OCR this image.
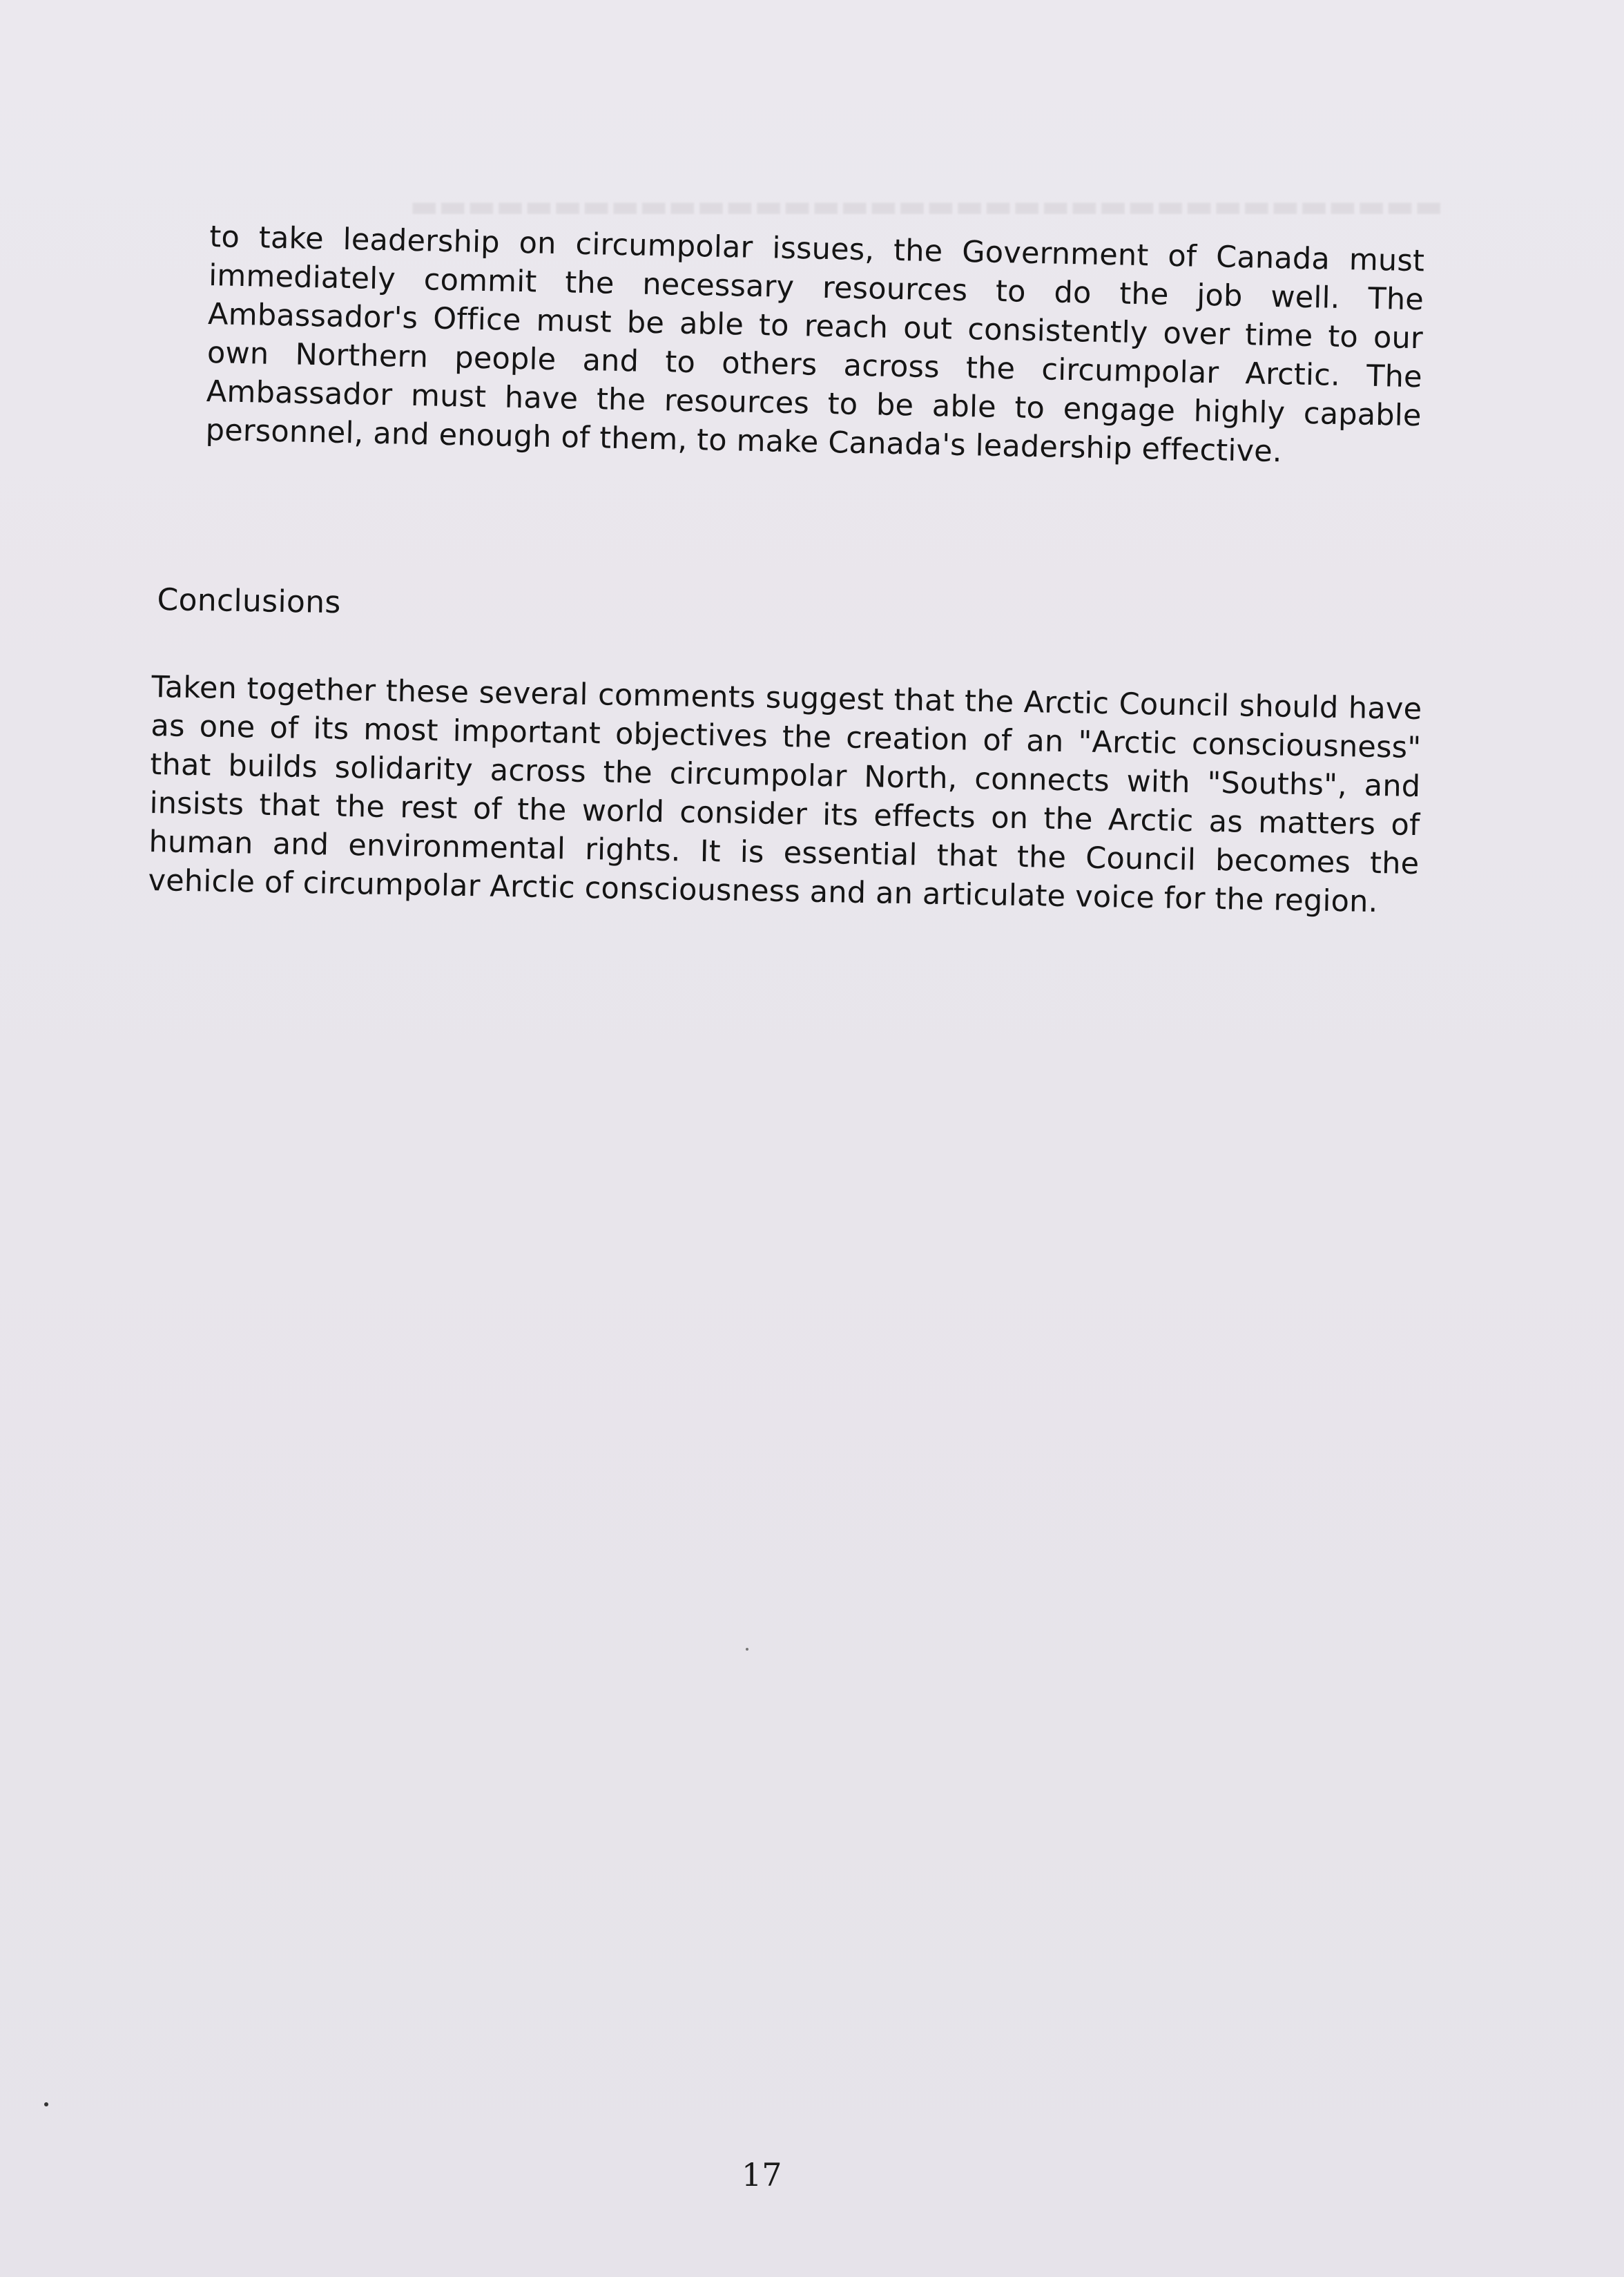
​▬▬▬▬▬▬▬▬▬▬▬▬▬▬▬▬▬▬▬▬▬▬▬▬▬▬▬▬▬▬▬▬▬▬▬▬

to take leadership on circumpolar issues, the Government of Canada must immediately commit the necessary resources to do the job well. The Ambassador's Office must be able to reach out consistently over time to our own Northern people and to others across the circumpolar Arctic. The Ambassador must have the resources to be able to engage highly capable personnel, and enough of them, to make Canada's leadership effective.

Conclusions

Taken together these several comments suggest that the Arctic Council should have as one of its most important objectives the creation of an "Arctic consciousness" that builds solidarity across the circumpolar North, connects with "Souths", and insists that the rest of the world consider its effects on the Arctic as matters of human and environmental rights. It is essential that the Council becomes the vehicle of circumpolar Arctic consciousness and an articulate voice for the region.

17
